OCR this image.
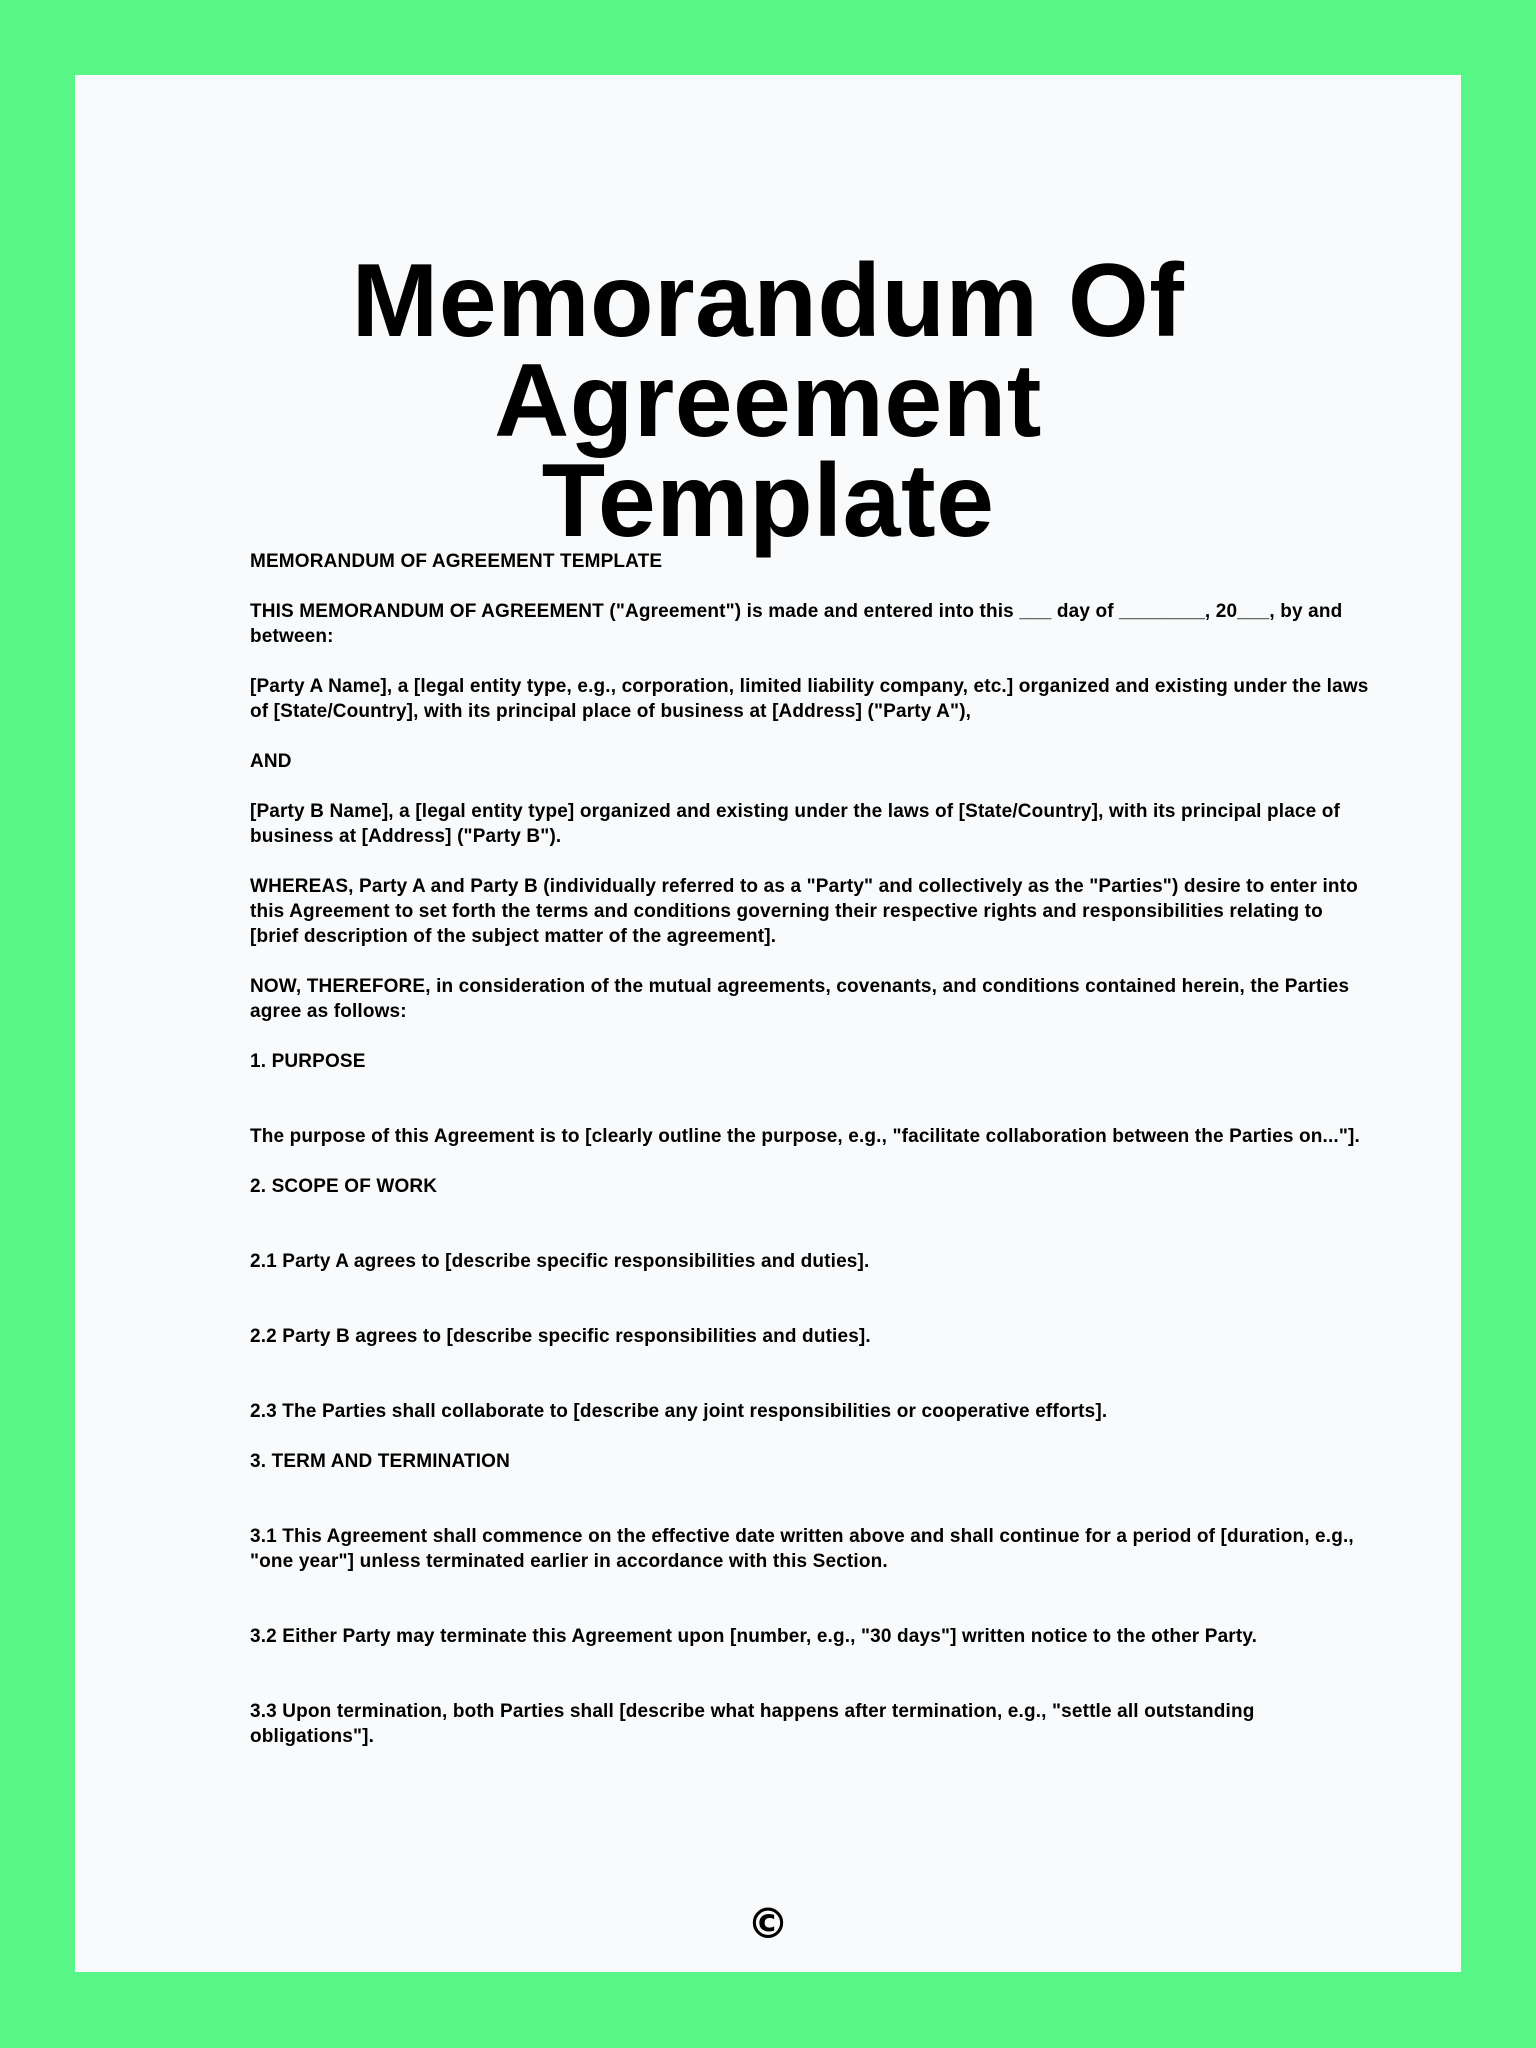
Memorandum Of Agreement
Template

MEMORANDUM OF AGREEMENT TEMPLATE

THIS MEMORANDUM OF AGREEMENT ("Agreement") is made and entered into this ___ day of ________, 20___, by and between:

[Party A Name], a [legal entity type, e.g., corporation, limited liability company, etc.] organized and existing under the laws of [State/Country], with its principal place of business at [Address] ("Party A"),

AND

[Party B Name], a [legal entity type] organized and existing under the laws of [State/Country], with its principal place of business at [Address] ("Party B").

WHEREAS, Party A and Party B (individually referred to as a "Party" and collectively as the "Parties") desire to enter into this Agreement to set forth the terms and conditions governing their respective rights and responsibilities relating to [brief description of the subject matter of the agreement].

NOW, THEREFORE, in consideration of the mutual agreements, covenants, and conditions contained herein, the Parties agree as follows:

1. PURPOSE

The purpose of this Agreement is to [clearly outline the purpose, e.g., "facilitate collaboration between the Parties on..."].

2. SCOPE OF WORK

2.1 Party A agrees to [describe specific responsibilities and duties].

2.2 Party B agrees to [describe specific responsibilities and duties].

2.3 The Parties shall collaborate to [describe any joint responsibilities or cooperative efforts].

3. TERM AND TERMINATION

3.1 This Agreement shall commence on the effective date written above and shall continue for a period of [duration, e.g., "one year"] unless terminated earlier in accordance with this Section.

3.2 Either Party may terminate this Agreement upon [number, e.g., "30 days"] written notice to the other Party.

3.3 Upon termination, both Parties shall [describe what happens after termination, e.g., "settle all outstanding obligations"].

©
